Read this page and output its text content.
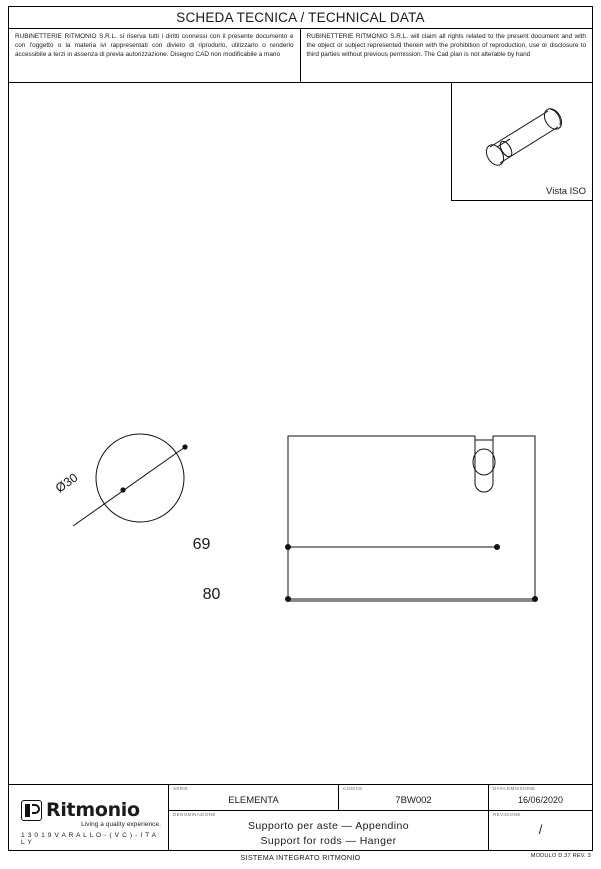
SCHEDA TECNICA / TECHNICAL DATA
RUBINETTERIE RITMONIO S.R.L. si riserva tutti i diritti connessi con il presente documento e con l'oggetto o la materia ivi rappresentati con divieto di riprodurlo, utilizzarlo o renderlo accessibile a terzi in assenza di previa autorizzazione. Disegno CAD non modificabile a mano
RUBINETTERIE RITMONIO S.R.L. will claim all rights related to the present document and with the object or subject represented therein with the prohibition of reproduction, use or disclosure to third parties without previous permission. The Cad plan is not alterable by hand
Vista ISO
Ø30
69
80
Ritmonio
Living a quality experience.
1 3 0 1 9 V A R A L L O - ( V C ) - I T A L Y
SERIE
ELEMENTA
CODICE
7BW002
DATA EMISSIONE
16/06/2020
DENOMINAZIONE
Supporto per aste — Appendino
Support for rods — Hanger
REVISIONE
/
SISTEMA INTEGRATO RITMONIO	MODULO D.37 REV. 3
